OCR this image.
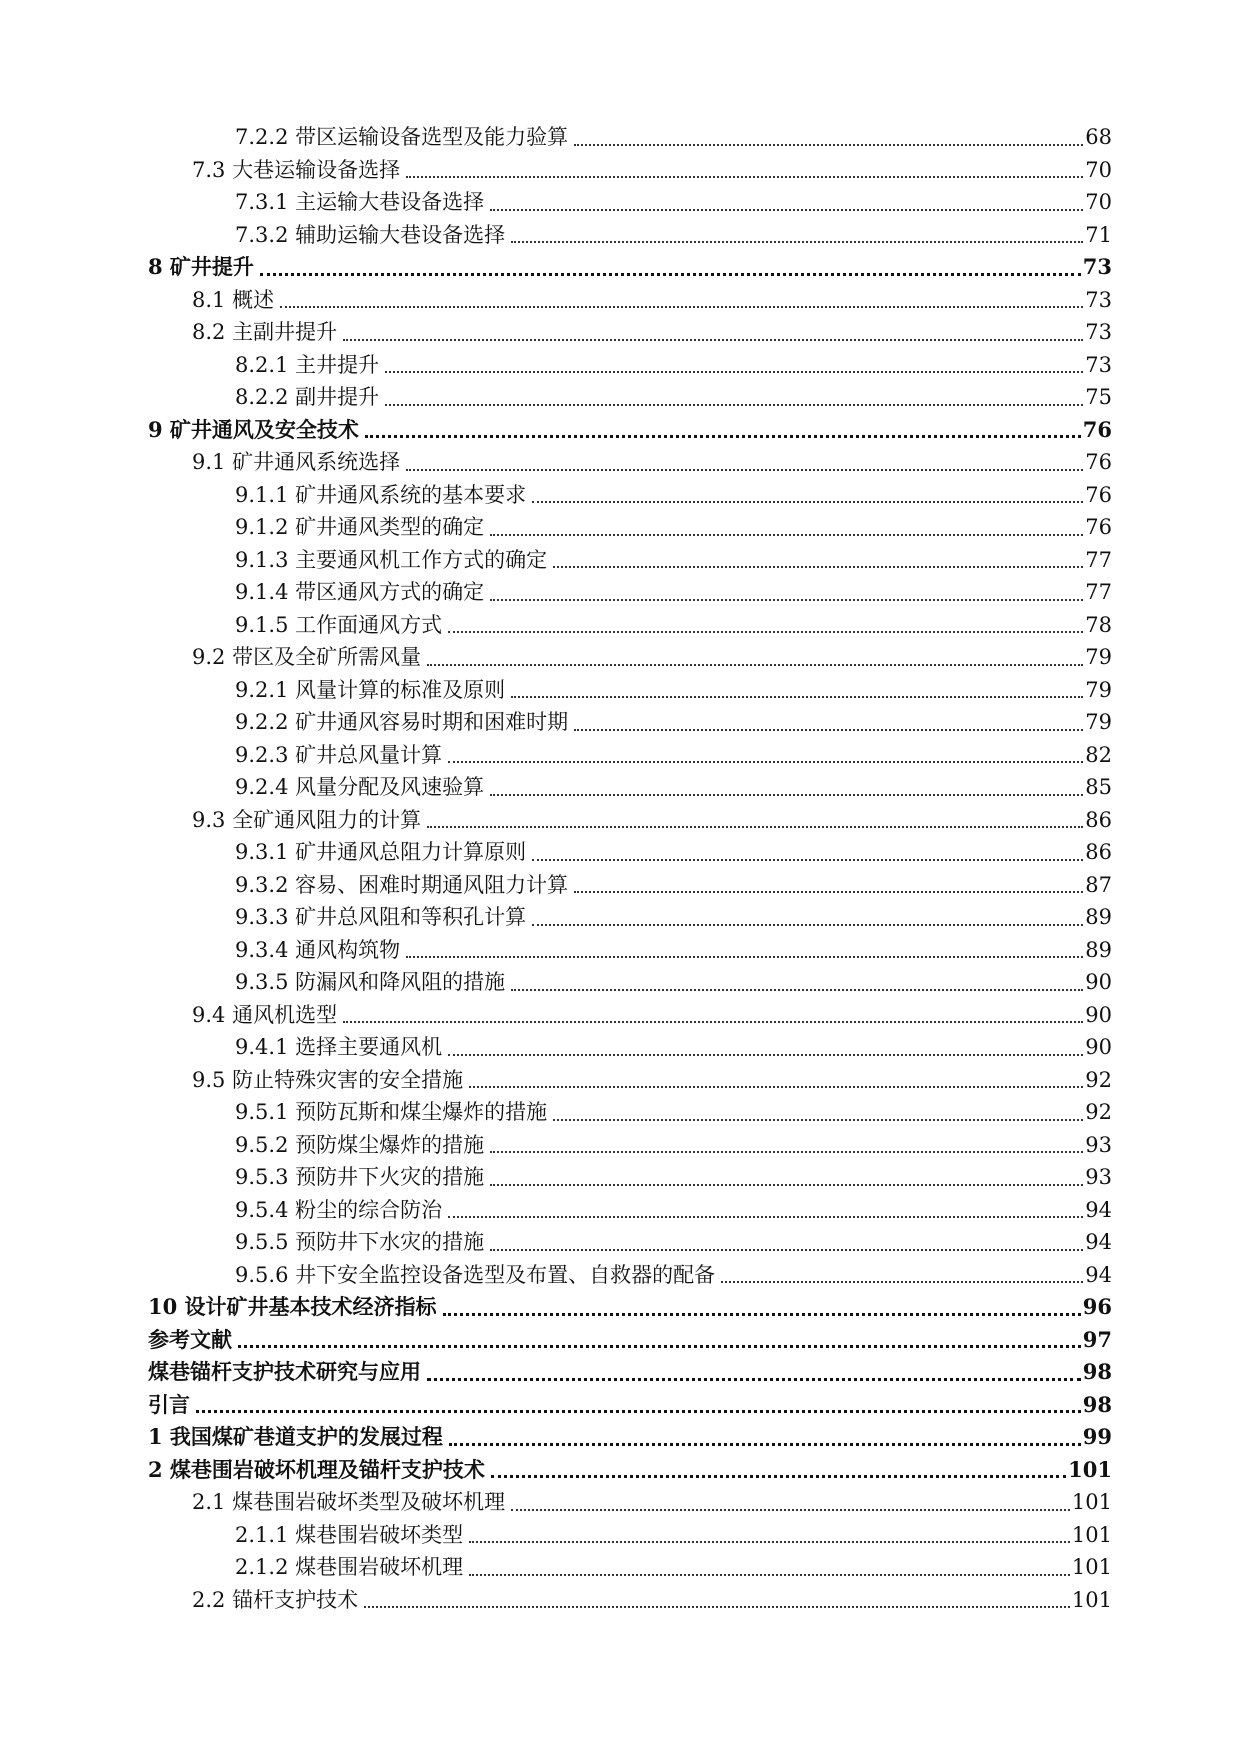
7.2.2 带区运输设备选型及能力验算	68
7.3 大巷运输设备选择	70
7.3.1 主运输大巷设备选择	70
7.3.2 辅助运输大巷设备选择	71
8 矿井提升	73
8.1 概述	73
8.2 主副井提升	73
8.2.1 主井提升	73
8.2.2 副井提升	75
9 矿井通风及安全技术	76
9.1 矿井通风系统选择	76
9.1.1 矿井通风系统的基本要求	76
9.1.2 矿井通风类型的确定	76
9.1.3 主要通风机工作方式的确定	77
9.1.4 带区通风方式的确定	77
9.1.5 工作面通风方式	78
9.2 带区及全矿所需风量	79
9.2.1 风量计算的标准及原则	79
9.2.2 矿井通风容易时期和困难时期	79
9.2.3 矿井总风量计算	82
9.2.4 风量分配及风速验算	85
9.3 全矿通风阻力的计算	86
9.3.1 矿井通风总阻力计算原则	86
9.3.2 容易、困难时期通风阻力计算	87
9.3.3 矿井总风阻和等积孔计算	89
9.3.4 通风构筑物	89
9.3.5 防漏风和降风阻的措施	90
9.4 通风机选型	90
9.4.1 选择主要通风机	90
9.5 防止特殊灾害的安全措施	92
9.5.1 预防瓦斯和煤尘爆炸的措施	92
9.5.2 预防煤尘爆炸的措施	93
9.5.3 预防井下火灾的措施	93
9.5.4 粉尘的综合防治	94
9.5.5 预防井下水灾的措施	94
9.5.6 井下安全监控设备选型及布置、自救器的配备	94
10 设计矿井基本技术经济指标	96
参考文献	97
煤巷锚杆支护技术研究与应用	98
引言	98
1 我国煤矿巷道支护的发展过程	99
2 煤巷围岩破坏机理及锚杆支护技术	101
2.1 煤巷围岩破坏类型及破坏机理	101
2.1.1 煤巷围岩破坏类型	101
2.1.2 煤巷围岩破坏机理	101
2.2 锚杆支护技术	101
